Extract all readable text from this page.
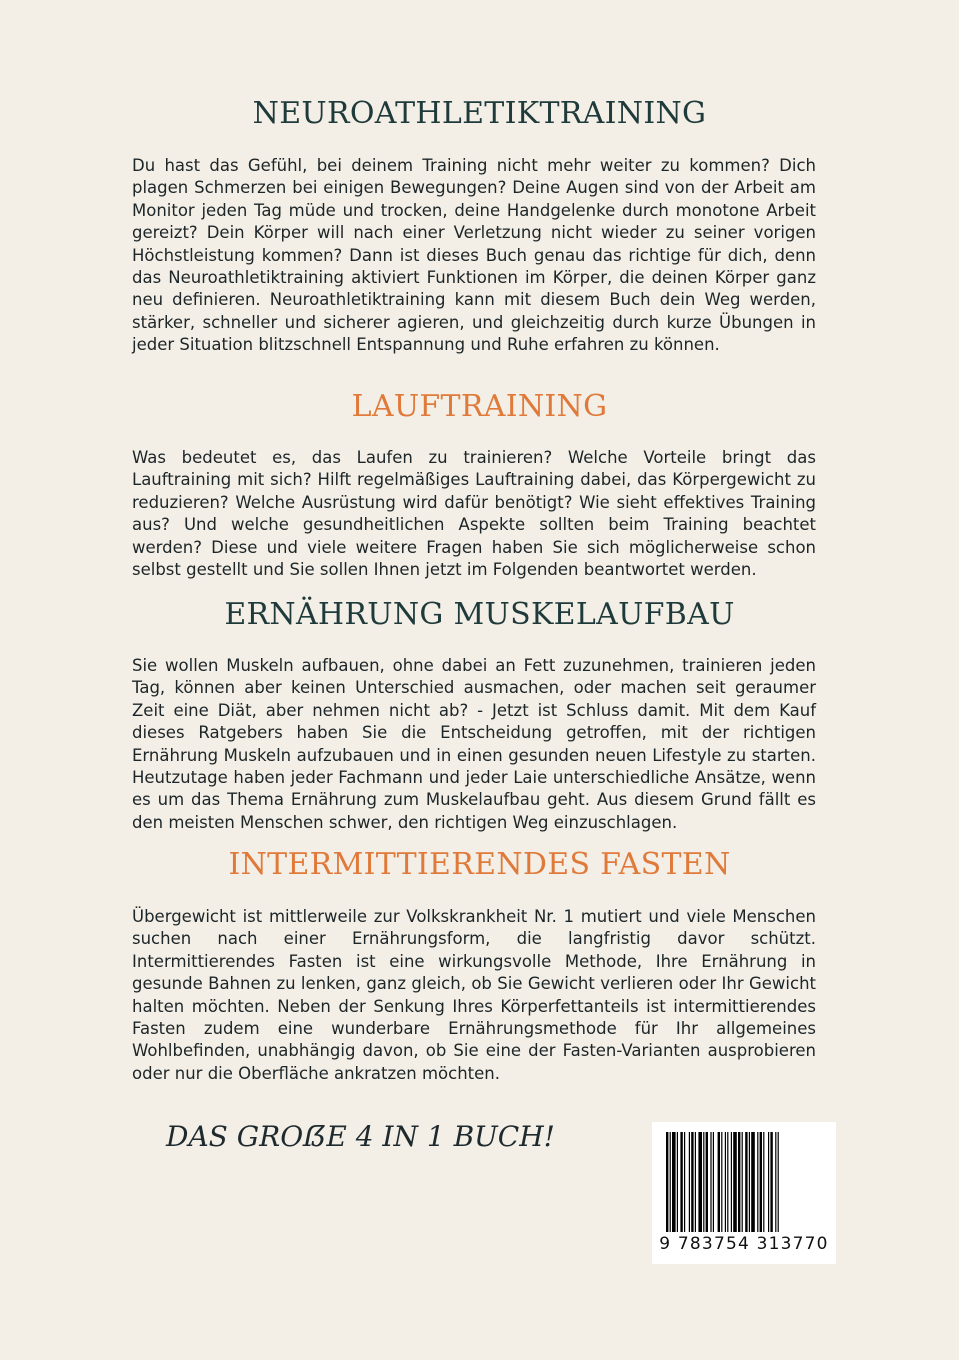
NEUROATHLETIKTRAINING

Du hast das Gefühl, bei deinem Training nicht mehr weiter zu kommen? Dich plagen Schmerzen bei einigen Bewegungen? Deine Augen sind von der Arbeit am Monitor jeden Tag müde und trocken, deine Handgelenke durch monotone Arbeit gereizt? Dein Körper will nach einer Verletzung nicht wieder zu seiner vorigen Höchstleistung kommen? Dann ist dieses Buch genau das richtige für dich, denn das Neuroathletiktraining aktiviert Funktionen im Körper, die deinen Körper ganz neu definieren. Neuroathletiktraining kann mit diesem Buch dein Weg werden, stärker, schneller und sicherer agieren, und gleichzeitig durch kurze Übungen in jeder Situation blitzschnell Entspannung und Ruhe erfahren zu können.

LAUFTRAINING

Was bedeutet es, das Laufen zu trainieren? Welche Vorteile bringt das Lauftraining mit sich? Hilft regelmäßiges Lauftraining dabei, das Körpergewicht zu reduzieren? Welche Ausrüstung wird dafür benötigt? Wie sieht effektives Training aus? Und welche gesundheitlichen Aspekte sollten beim Training beachtet werden? Diese und viele weitere Fragen haben Sie sich möglicherweise schon selbst gestellt und Sie sollen Ihnen jetzt im Folgenden beantwortet werden.

ERNÄHRUNG MUSKELAUFBAU

Sie wollen Muskeln aufbauen, ohne dabei an Fett zuzunehmen, trainieren jeden Tag, können aber keinen Unterschied ausmachen, oder machen seit geraumer Zeit eine Diät, aber nehmen nicht ab? - Jetzt ist Schluss damit. Mit dem Kauf dieses Ratgebers haben Sie die Entscheidung getroffen, mit der richtigen Ernährung Muskeln aufzubauen und in einen gesunden neuen Lifestyle zu starten. Heutzutage haben jeder Fachmann und jeder Laie unterschiedliche Ansätze, wenn es um das Thema Ernährung zum Muskelaufbau geht. Aus diesem Grund fällt es den meisten Menschen schwer, den richtigen Weg einzuschlagen.

INTERMITTIERENDES FASTEN

Übergewicht ist mittlerweile zur Volkskrankheit Nr. 1 mutiert und viele Menschen suchen nach einer Ernährungsform, die langfristig davor schützt. Intermittierendes Fasten ist eine wirkungsvolle Methode, Ihre Ernährung in gesunde Bahnen zu lenken, ganz gleich, ob Sie Gewicht verlieren oder Ihr Gewicht halten möchten. Neben der Senkung Ihres Körperfettanteils ist intermittierendes Fasten zudem eine wunderbare Ernährungsmethode für Ihr allgemeines Wohlbefinden, unabhängig davon, ob Sie eine der Fasten-Varianten ausprobieren oder nur die Oberfläche ankratzen möchten.

DAS GROẞE 4 IN 1 BUCH!
9 783754 313770
